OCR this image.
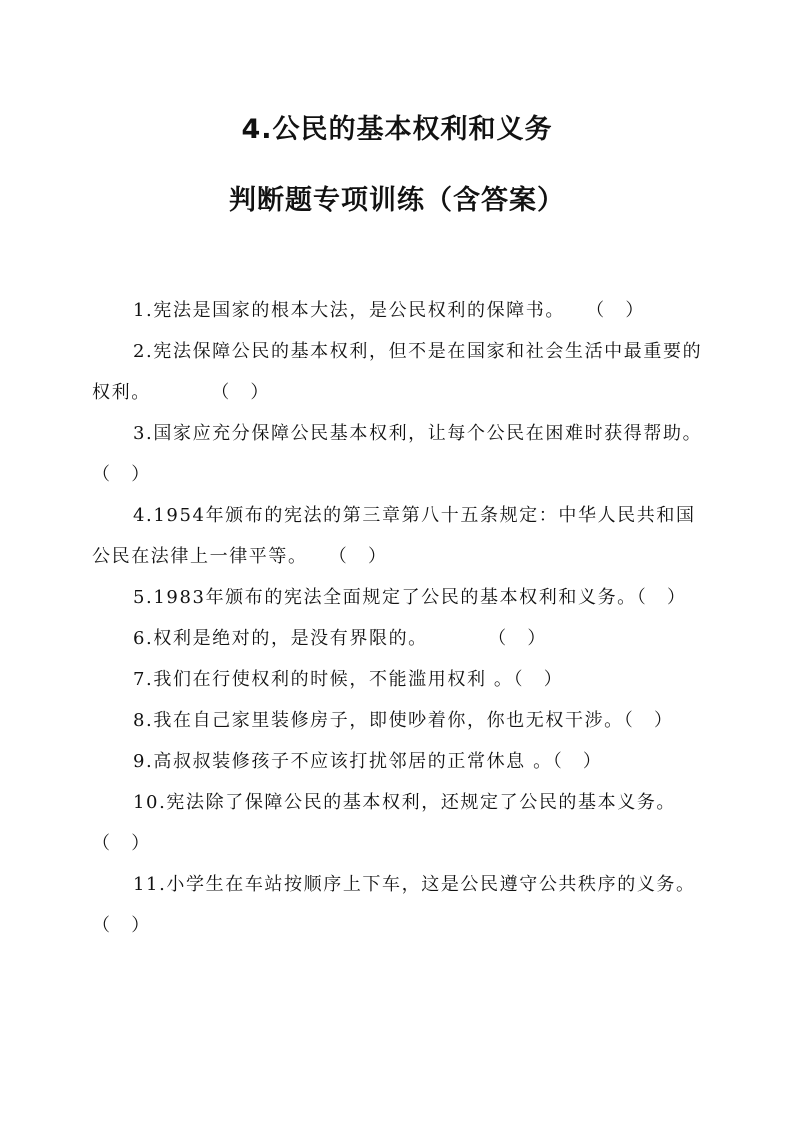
4.公民的基本权利和义务
判断题专项训练（含答案）

1.宪法是国家的根本大法，是公民权利的保障书。　　（　）

2.宪法保障公民的基本权利，但不是在国家和社会生活中最重要的权利。　　　　（　）

3.国家应充分保障公民基本权利，让每个公民在困难时获得帮助。（　）

4.1954年颁布的宪法的第三章第八十五条规定：中华人民共和国公民在法律上一律平等。　　（　）

5.1983年颁布的宪法全面规定了公民的基本权利和义务。（　）

6.权利是绝对的，是没有界限的。　　　　（　）

7.我们在行使权利的时候，不能滥用权利 。（　）

8.我在自己家里装修房子，即使吵着你，你也无权干涉。（　）

9.高叔叔装修孩子不应该打扰邻居的正常休息 。（　）

10.宪法除了保障公民的基本权利，还规定了公民的基本义务。（　）

11.小学生在车站按顺序上下车，这是公民遵守公共秩序的义务。（　）
